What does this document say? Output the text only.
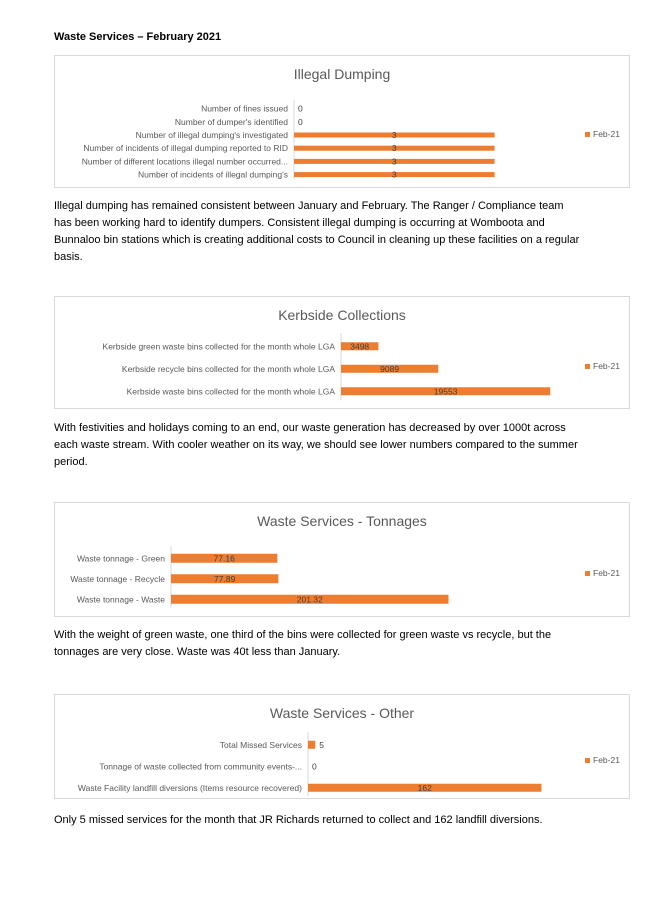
Waste Services – February 2021
Illegal Dumping
Number of fines issued 0
Number of dumper's identified 0
Number of illegal dumping's investigated	3
Number of incidents of illegal dumping reported to RID	3
Number of different locations illegal number occurred...	3
Number of incidents of illegal dumping's	3
Feb-21
Illegal dumping has remained consistent between January and February. The Ranger / Compliance team has been working hard to identify dumpers. Consistent illegal dumping is occurring at Womboota and Bunnaloo bin stations which is creating additional costs to Council in cleaning up these facilities on a regular basis.
Kerbside Collections
Kerbside green waste bins collected for the month whole LGA 3498
Kerbside recycle bins collected for the month whole LGA	9089
Kerbside waste bins collected for the month whole LGA	19553
Feb-21
With festivities and holidays coming to an end, our waste generation has decreased by over 1000t across each waste stream. With cooler weather on its way, we should see lower numbers compared to the summer period.
Waste Services - Tonnages
Waste tonnage - Green	77.16
Waste tonnage - Recycle	77.89
Waste tonnage - Waste	201.32
Feb-21
With the weight of green waste, one third of the bins were collected for green waste vs recycle, but the tonnages are very close. Waste was 40t less than January.
Waste Services - Other
Total Missed Services 5
Tonnage of waste collected from community events-... 0
Waste Facility landfill diversions (Items resource recovered)	162
Feb-21
Only 5 missed services for the month that JR Richards returned to collect and 162 landfill diversions.
